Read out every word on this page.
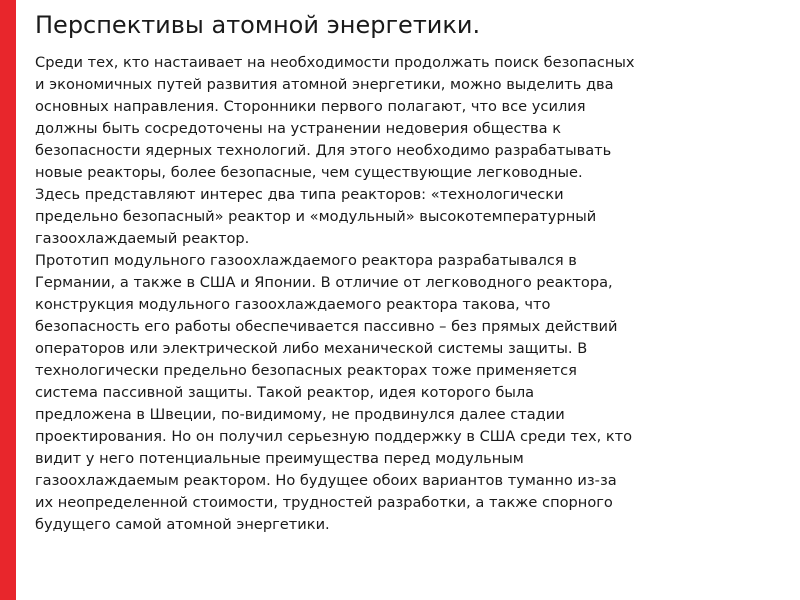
Перспективы атомной энергетики.
Среди тех, кто настаивает на необходимости продолжать поиск безопасных
и экономичных путей развития атомной энергетики, можно выделить два
основных направления. Сторонники первого полагают, что все усилия
должны быть сосредоточены на устранении недоверия общества к
безопасности ядерных технологий. Для этого необходимо разрабатывать
новые реакторы, более безопасные, чем существующие легководные.
Здесь представляют интерес два типа реакторов: «технологически
предельно безопасный» реактор и «модульный» высокотемпературный
газоохлаждаемый реактор.
Прототип модульного газоохлаждаемого реактора разрабатывался в
Германии, а также в США и Японии. В отличие от легководного реактора,
конструкция модульного газоохлаждаемого реактора такова, что
безопасность его работы обеспечивается пассивно – без прямых действий
операторов или электрической либо механической системы защиты. В
технологически предельно безопасных реакторах тоже применяется
система пассивной защиты. Такой реактор, идея которого была
предложена в Швеции, по-видимому, не продвинулся далее стадии
проектирования. Но он получил серьезную поддержку в США среди тех, кто
видит у него потенциальные преимущества перед модульным
газоохлаждаемым реактором. Но будущее обоих вариантов туманно из-за
их неопределенной стоимости, трудностей разработки, а также спорного
будущего самой атомной энергетики.
